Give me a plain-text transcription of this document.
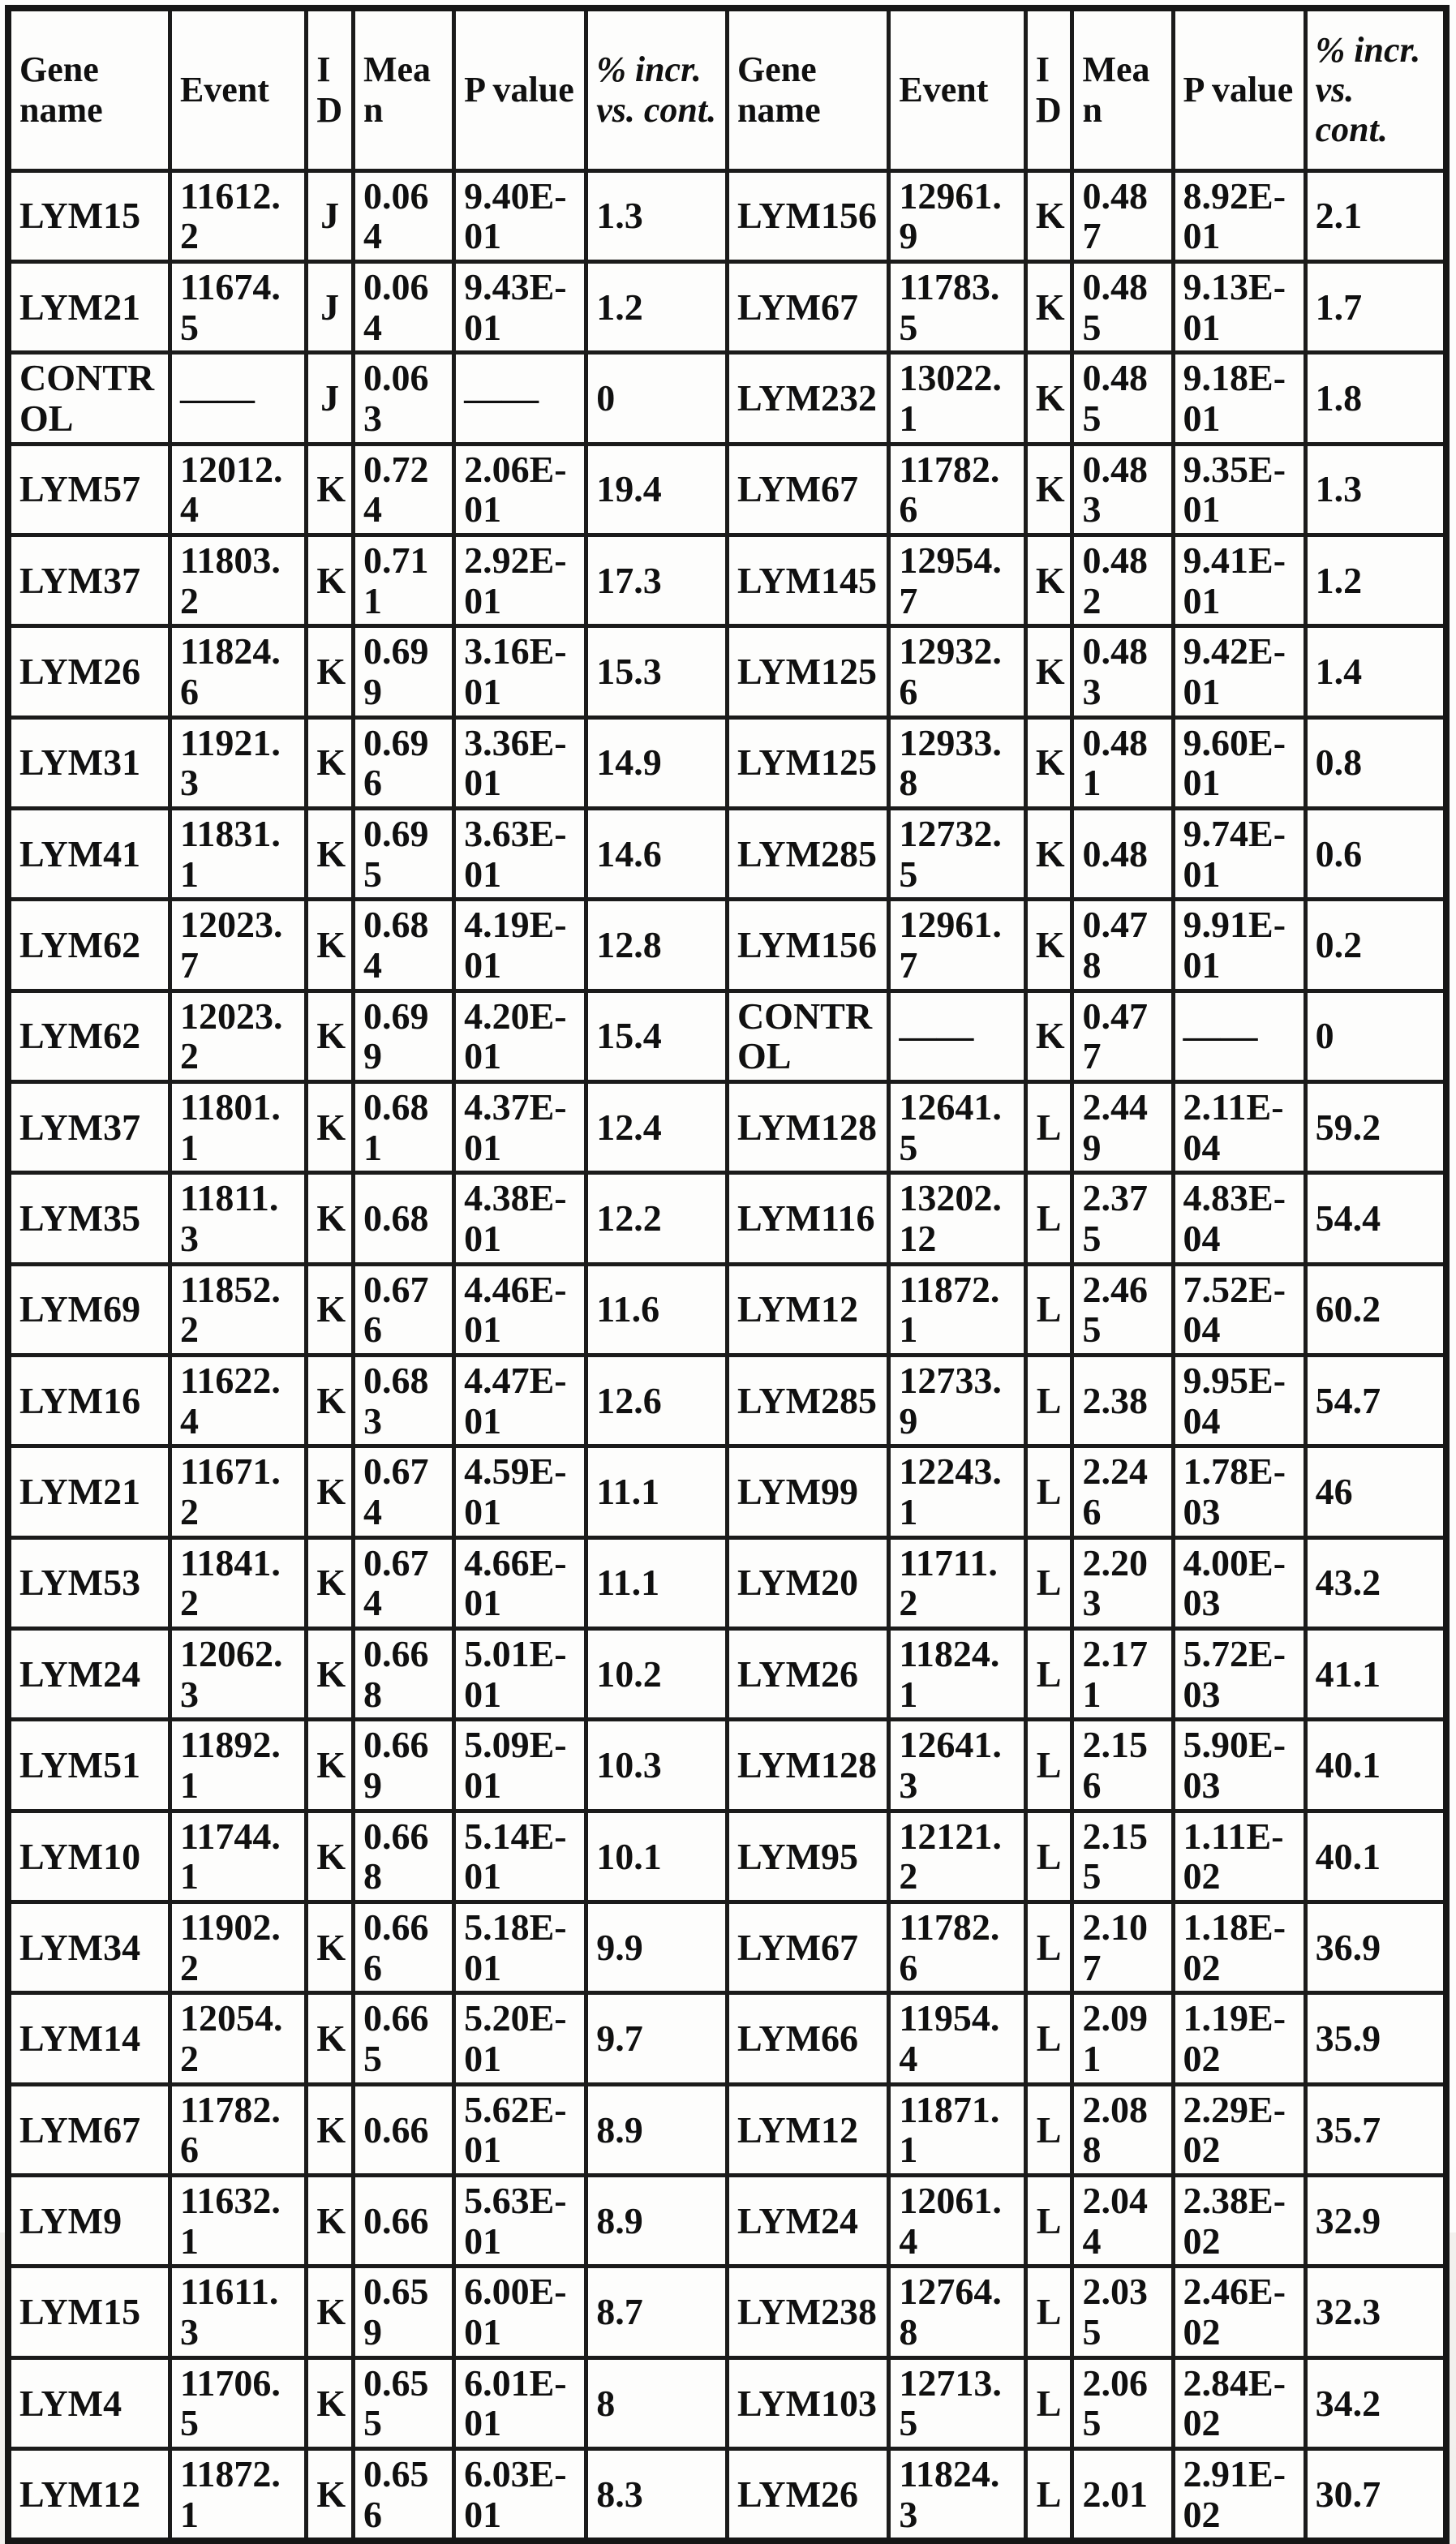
Gene name	Event	ID	Mean	P value	% incr. vs. cont.	Gene name	Event	ID	Mean	P value	% incr. vs. cont.
LYM15	11612.2	J	0.064	9.40E-01	1.3	LYM156	12961.9	K	0.487	8.92E-01	2.1
LYM21	11674.5	J	0.064	9.43E-01	1.2	LYM67	11783.5	K	0.485	9.13E-01	1.7
CONTROL	——	J	0.063	——	0	LYM232	13022.1	K	0.485	9.18E-01	1.8
LYM57	12012.4	K	0.724	2.06E-01	19.4	LYM67	11782.6	K	0.483	9.35E-01	1.3
LYM37	11803.2	K	0.711	2.92E-01	17.3	LYM145	12954.7	K	0.482	9.41E-01	1.2
LYM26	11824.6	K	0.699	3.16E-01	15.3	LYM125	12932.6	K	0.483	9.42E-01	1.4
LYM31	11921.3	K	0.696	3.36E-01	14.9	LYM125	12933.8	K	0.481	9.60E-01	0.8
LYM41	11831.1	K	0.695	3.63E-01	14.6	LYM285	12732.5	K	0.48	9.74E-01	0.6
LYM62	12023.7	K	0.684	4.19E-01	12.8	LYM156	12961.7	K	0.478	9.91E-01	0.2
LYM62	12023.2	K	0.699	4.20E-01	15.4	CONTROL	——	K	0.477	——	0
LYM37	11801.1	K	0.681	4.37E-01	12.4	LYM128	12641.5	L	2.449	2.11E-04	59.2
LYM35	11811.3	K	0.68	4.38E-01	12.2	LYM116	13202.12	L	2.375	4.83E-04	54.4
LYM69	11852.2	K	0.676	4.46E-01	11.6	LYM12	11872.1	L	2.465	7.52E-04	60.2
LYM16	11622.4	K	0.683	4.47E-01	12.6	LYM285	12733.9	L	2.38	9.95E-04	54.7
LYM21	11671.2	K	0.674	4.59E-01	11.1	LYM99	12243.1	L	2.246	1.78E-03	46
LYM53	11841.2	K	0.674	4.66E-01	11.1	LYM20	11711.2	L	2.203	4.00E-03	43.2
LYM24	12062.3	K	0.668	5.01E-01	10.2	LYM26	11824.1	L	2.171	5.72E-03	41.1
LYM51	11892.1	K	0.669	5.09E-01	10.3	LYM128	12641.3	L	2.156	5.90E-03	40.1
LYM10	11744.1	K	0.668	5.14E-01	10.1	LYM95	12121.2	L	2.155	1.11E-02	40.1
LYM34	11902.2	K	0.666	5.18E-01	9.9	LYM67	11782.6	L	2.107	1.18E-02	36.9
LYM14	12054.2	K	0.665	5.20E-01	9.7	LYM66	11954.4	L	2.091	1.19E-02	35.9
LYM67	11782.6	K	0.66	5.62E-01	8.9	LYM12	11871.1	L	2.088	2.29E-02	35.7
LYM9	11632.1	K	0.66	5.63E-01	8.9	LYM24	12061.4	L	2.044	2.38E-02	32.9
LYM15	11611.3	K	0.659	6.00E-01	8.7	LYM238	12764.8	L	2.035	2.46E-02	32.3
LYM4	11706.5	K	0.655	6.01E-01	8	LYM103	12713.5	L	2.065	2.84E-02	34.2
LYM12	11872.1	K	0.656	6.03E-01	8.3	LYM26	11824.3	L	2.01	2.91E-02	30.7
